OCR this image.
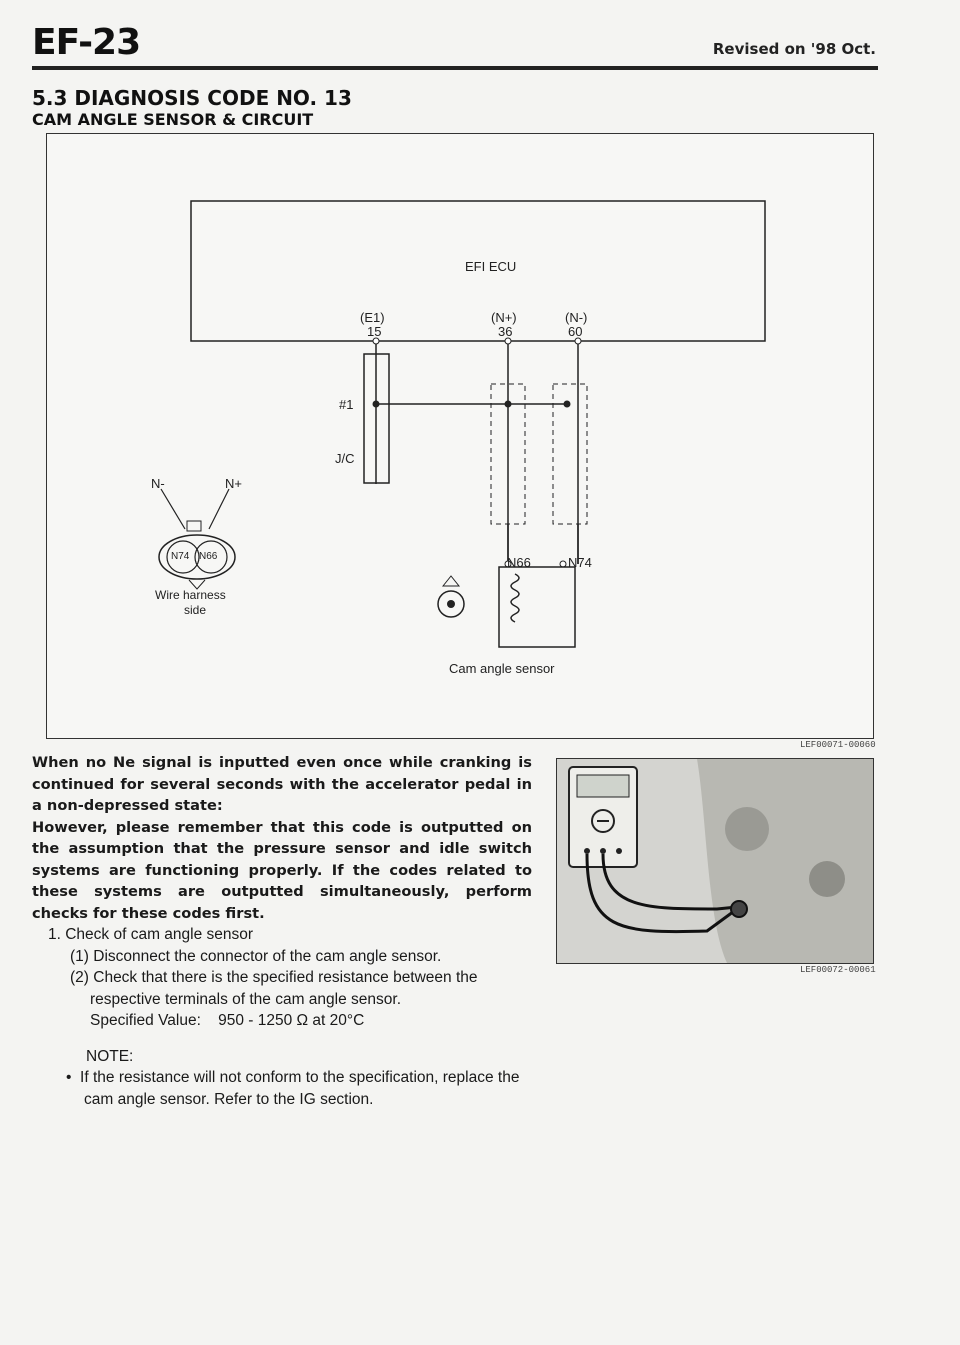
EF-23	Revised on '98 Oct.
5.3 DIAGNOSIS CODE NO. 13
CAM ANGLE SENSOR & CIRCUIT
EFI ECU
(E1)
15
(N+)
36
(N-)
60
#1
J/C
N-	N+
N74 N66
Wire harness
side
N66	N74
Cam angle sensor
LEF00071-00060
LEF00072-00061
When no Ne signal is inputted even once while cranking is continued for several seconds with the accelerator pedal in a non-depressed state:
However, please remember that this code is outputted on the assumption that the pressure sensor and idle switch systems are functioning properly. If the codes related to these systems are outputted simultaneously, perform checks for these codes first.
1. Check of cam angle sensor
(1) Disconnect the connector of the cam angle sensor.
(2) Check that there is the specified resistance between the respective terminals of the cam angle sensor.
Specified Value: 950 - 1250 Ω at 20°C
NOTE:
•  If the resistance will not conform to the specification, replace the cam angle sensor. Refer to the IG section.
